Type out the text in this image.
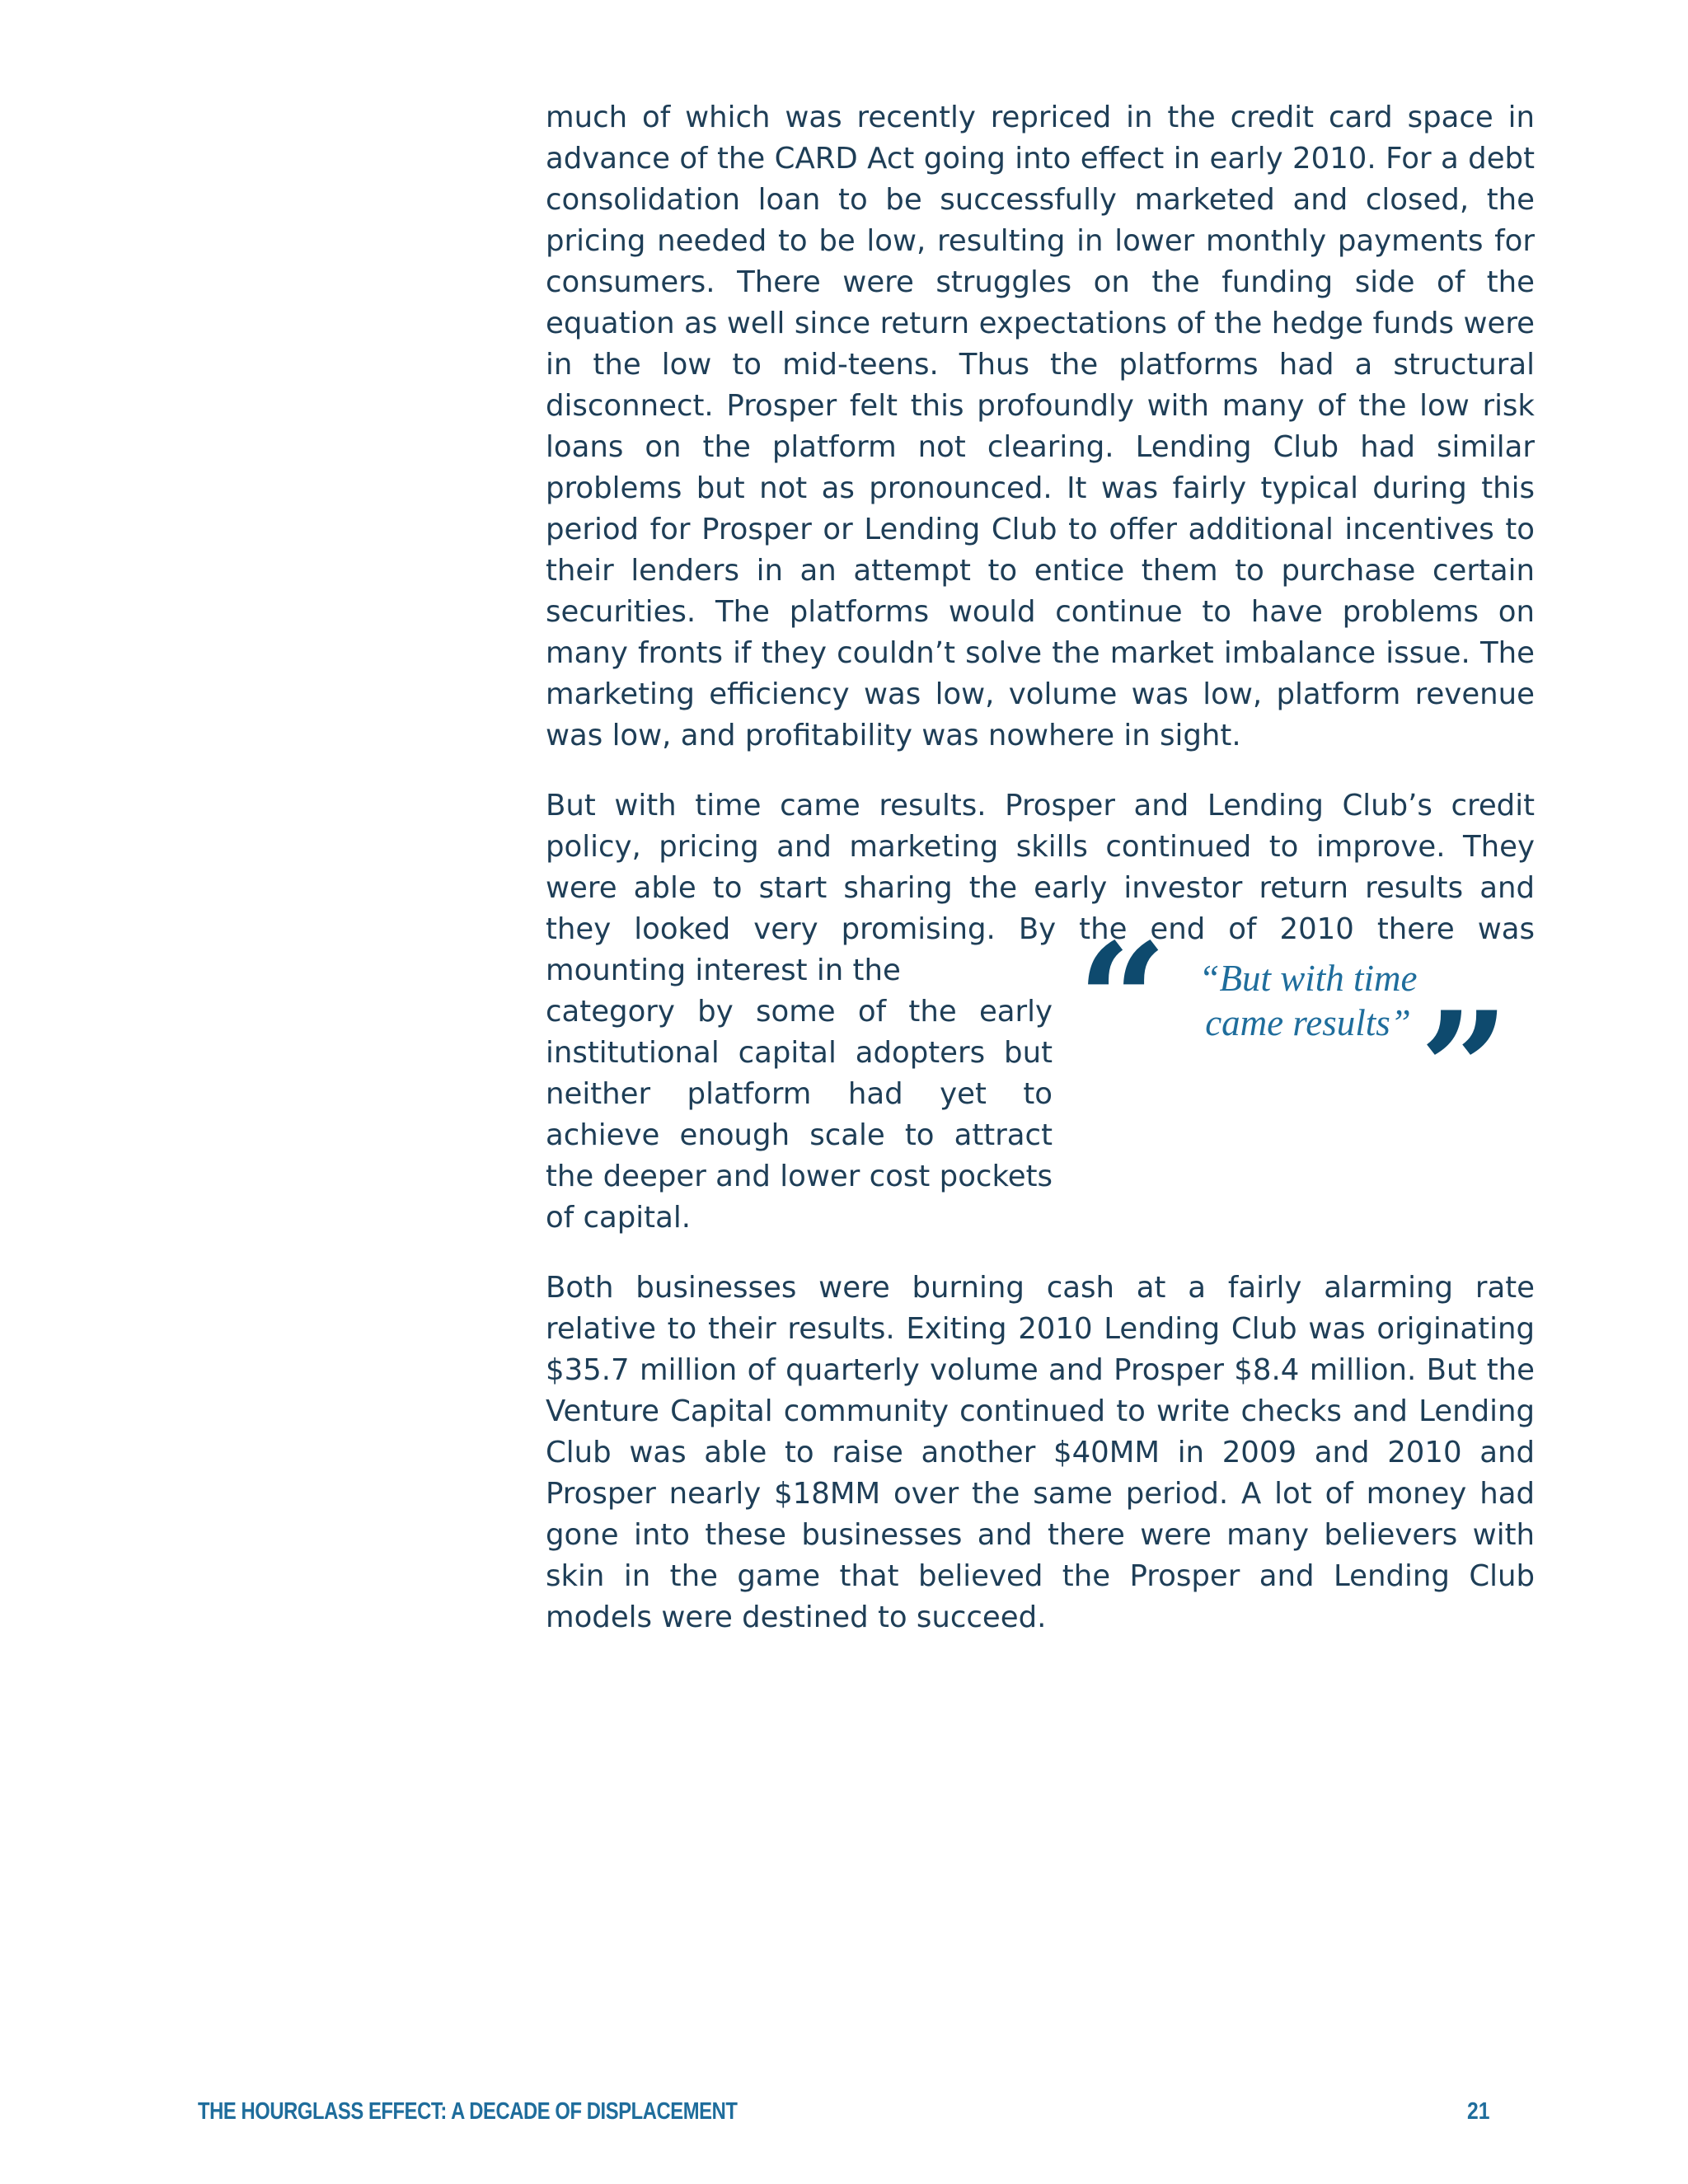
much of which was recently repriced in the credit card space in advance of the CARD Act going into effect in early 2010. For a debt consolidation loan to be successfully marketed and closed, the pricing needed to be low, resulting in lower monthly payments for consumers. There were struggles on the funding side of the equation as well since return expectations of the hedge funds were in the low to mid-teens. Thus the platforms had a structural disconnect. Prosper felt this profoundly with many of the low risk loans on the platform not clearing. Lending Club had similar problems but not as pronounced. It was fairly typical during this period for Prosper or Lending Club to offer additional incentives to their lenders in an attempt to entice them to purchase certain securities. The platforms would continue to have problems on many fronts if they couldn’t solve the market imbalance issue. The marketing efficiency was low, volume was low, platform revenue was low, and profitability was nowhere in sight.

But with time came results. Prosper and Lending Club’s credit policy, pricing and marketing skills continued to improve. They were able to start sharing the early investor return results and they looked very promising. By the end of 2010 there was mounting interest in the
category by some of the early institutional capital adopters but neither platform had yet to achieve enough scale to attract the deeper and lower cost pockets of capital.
“ “But with time came results” ”

Both businesses were burning cash at a fairly alarming rate relative to their results. Exiting 2010 Lending Club was originating $35.7 million of quarterly volume and Prosper $8.4 million. But the Venture Capital community continued to write checks and Lending Club was able to raise another $40MM in 2009 and 2010 and Prosper nearly $18MM over the same period. A lot of money had gone into these businesses and there were many believers with skin in the game that believed the Prosper and Lending Club models were destined to succeed.

THE HOURGLASS EFFECT: A DECADE OF DISPLACEMENT	21
